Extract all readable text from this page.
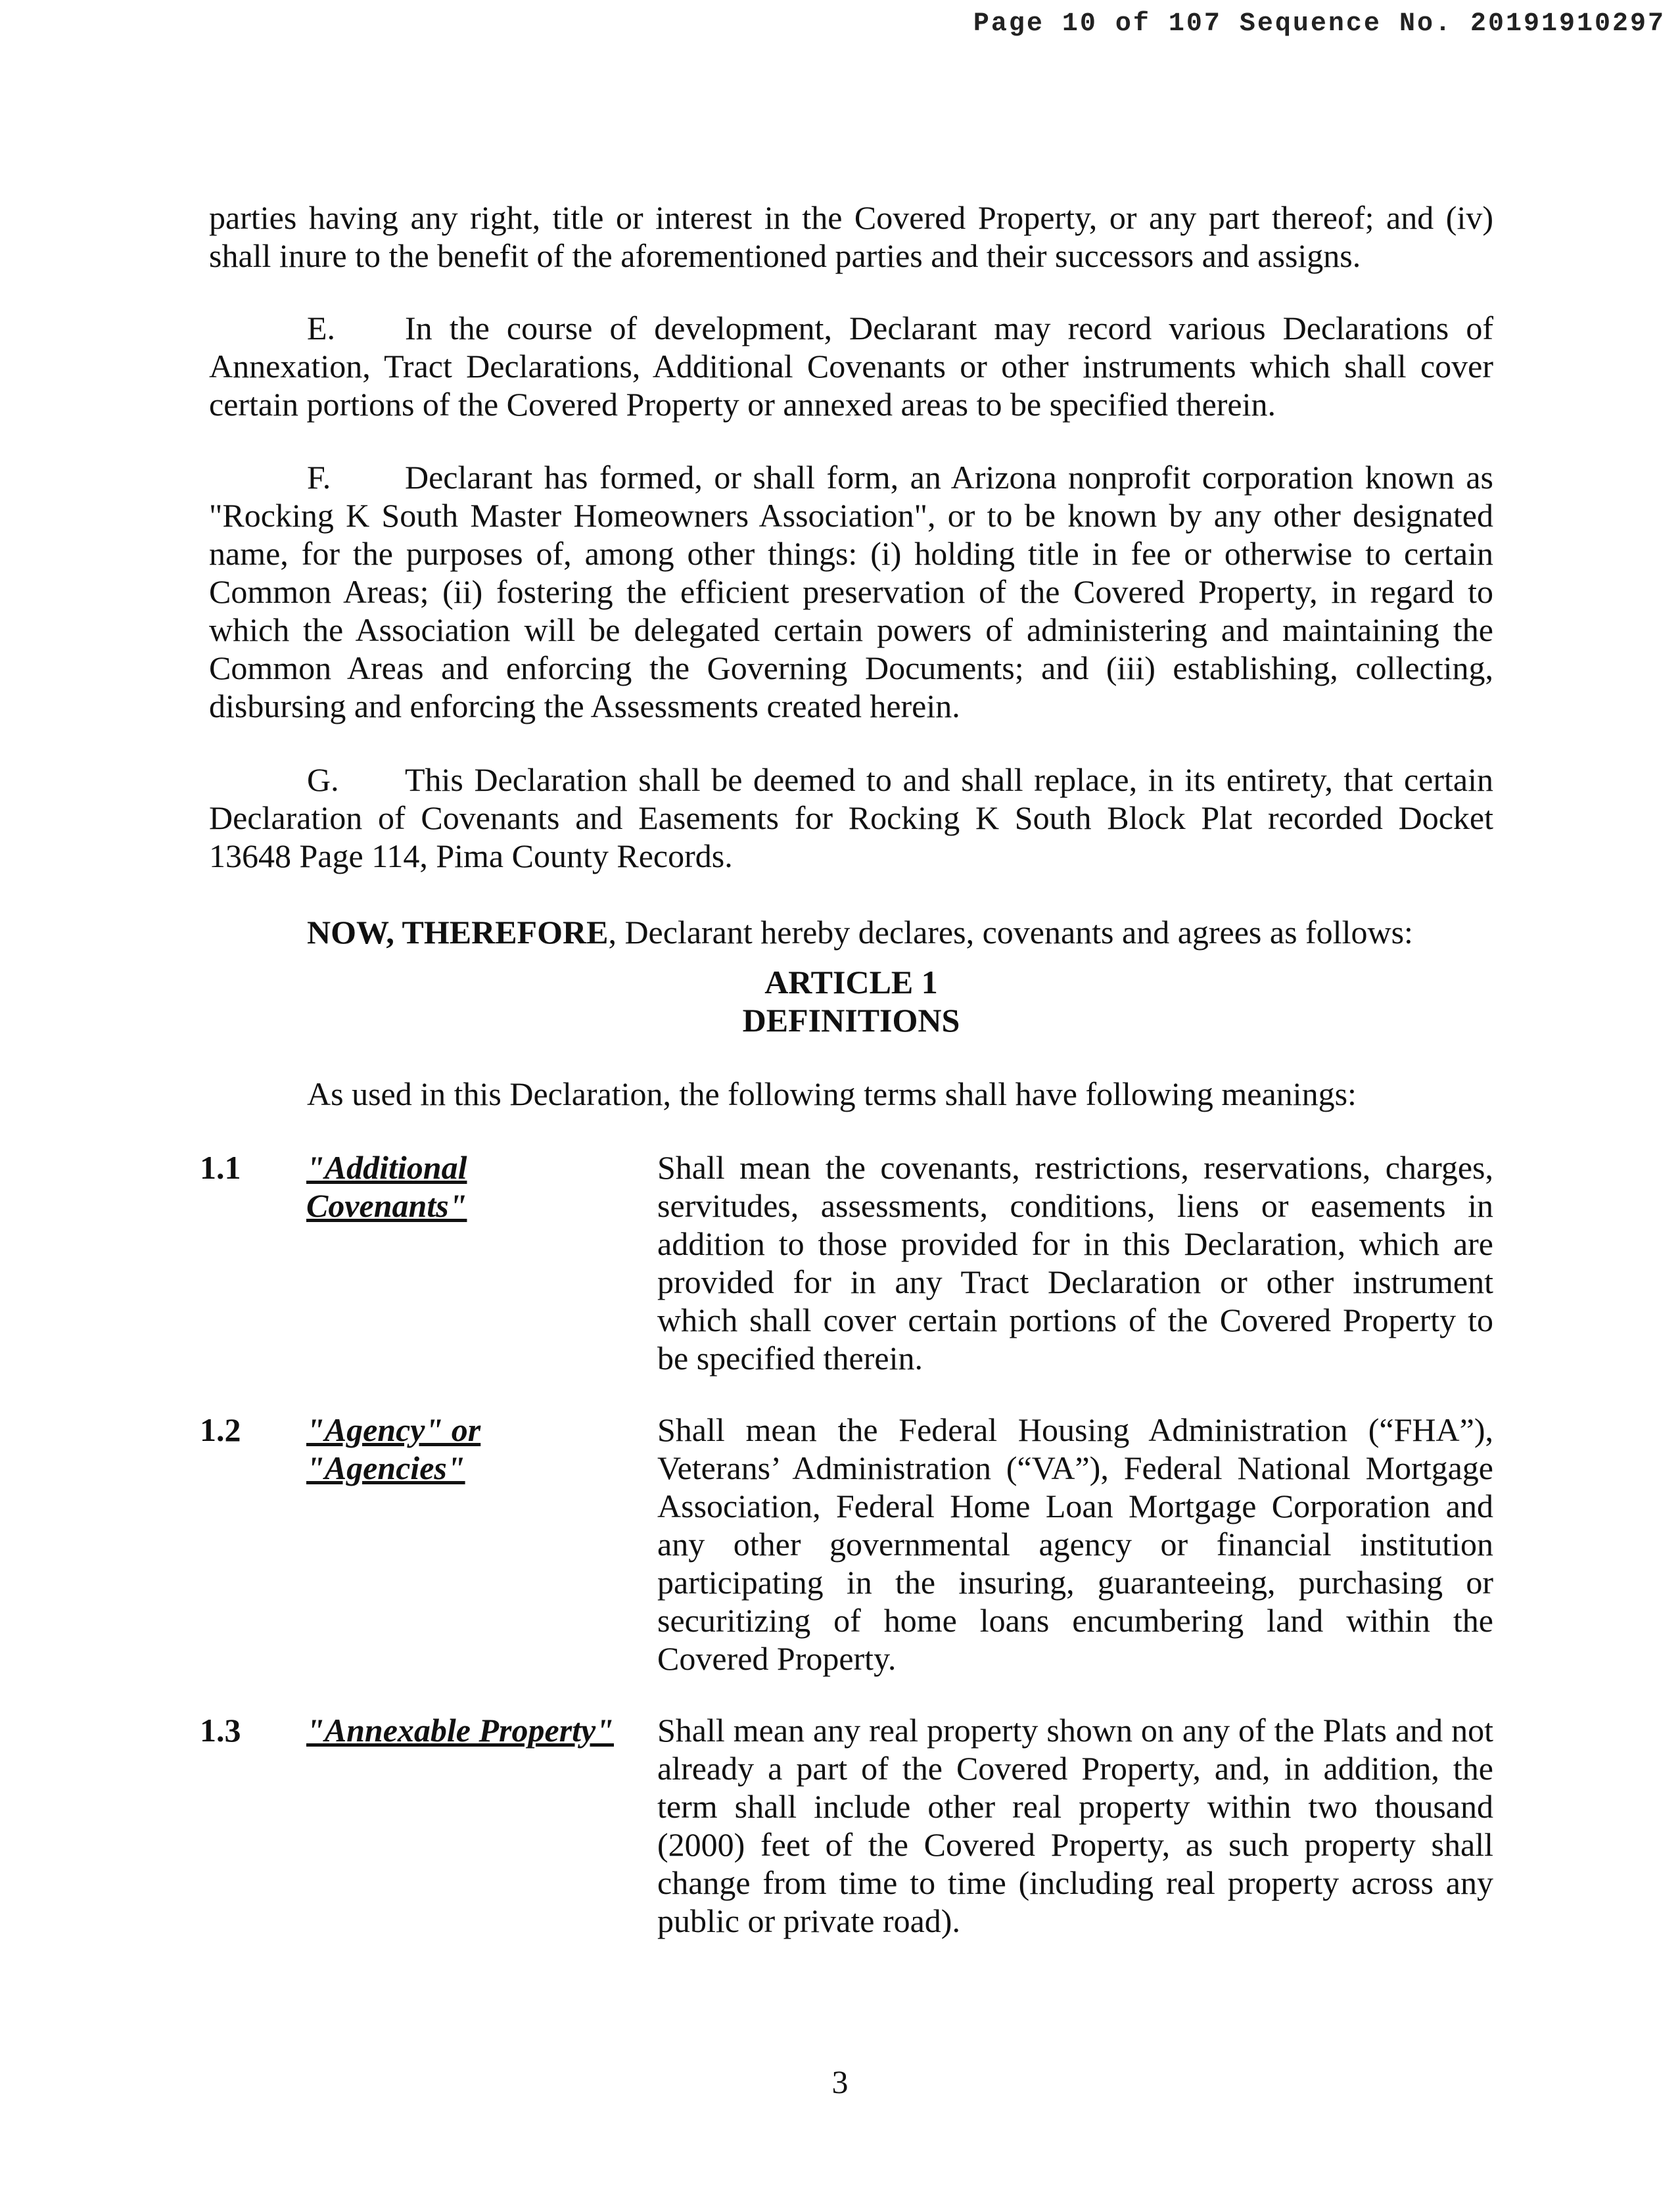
Page 10 of 107 Sequence No. 20191910297
parties having any right, title or interest in the Covered Property, or any part thereof; and (iv) shall inure to the benefit of the aforementioned parties and their successors and assigns.
E. In the course of development, Declarant may record various Declarations of Annexation, Tract Declarations, Additional Covenants or other instruments which shall cover certain portions of the Covered Property or annexed areas to be specified therein.
F. Declarant has formed, or shall form, an Arizona nonprofit corporation known as "Rocking K South Master Homeowners Association", or to be known by any other designated name, for the purposes of, among other things: (i) holding title in fee or otherwise to certain Common Areas; (ii) fostering the efficient preservation of the Covered Property, in regard to which the Association will be delegated certain powers of administering and maintaining the Common Areas and enforcing the Governing Documents; and (iii) establishing, collecting, disbursing and enforcing the Assessments created herein.
G. This Declaration shall be deemed to and shall replace, in its entirety, that certain Declaration of Covenants and Easements for Rocking K South Block Plat recorded Docket 13648 Page 114, Pima County Records.
NOW, THEREFORE, Declarant hereby declares, covenants and agrees as follows:
ARTICLE 1
DEFINITIONS
As used in this Declaration, the following terms shall have following meanings:
1.1 "Additional
Covenants"
Shall mean the covenants, restrictions, reservations, charges, servitudes, assessments, conditions, liens or easements in addition to those provided for in this Declaration, which are provided for in any Tract Declaration or other instrument which shall cover certain portions of the Covered Property to be specified therein.
1.2 "Agency" or
"Agencies"
Shall mean the Federal Housing Administration (“FHA”), Veterans’ Administration (“VA”), Federal National Mortgage Association, Federal Home Loan Mortgage Corporation and any other governmental agency or financial institution participating in the insuring, guaranteeing, purchasing or securitizing of home loans encumbering land within the Covered Property.
1.3 "Annexable Property"	Shall mean any real property shown on any of the Plats and not already a part of the Covered Property, and, in addition, the term shall include other real property within two thousand (2000) feet of the Covered Property, as such property shall change from time to time (including real property across any public or private road).
3
